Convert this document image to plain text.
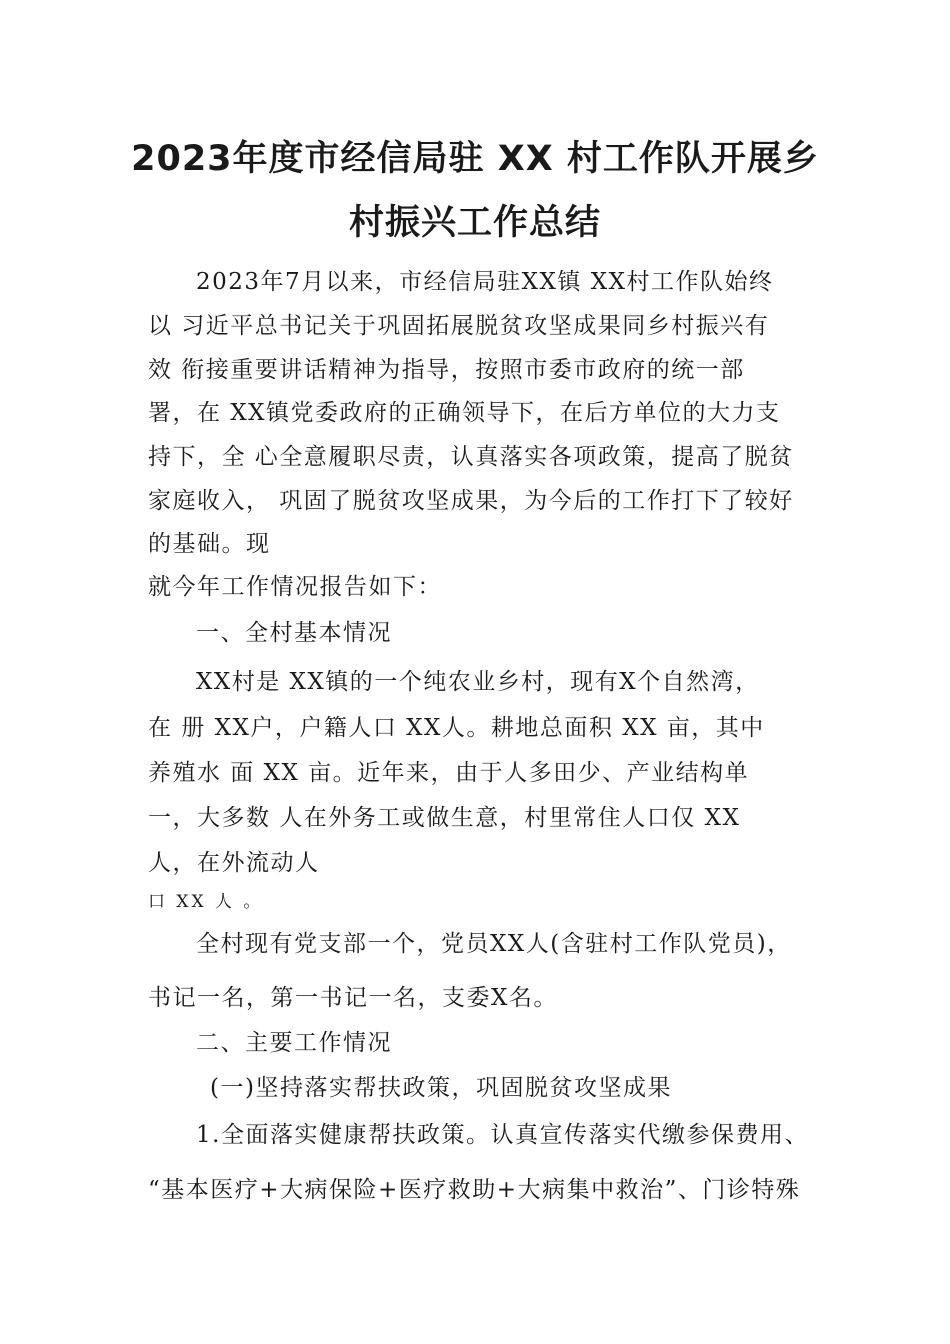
2023年度市经信局驻 XX 村工作队开展乡
村振兴工作总结
2023年7月以来，市经信局驻XX镇 XX村工作队始终
以 习近平总书记关于巩固拓展脱贫攻坚成果同乡村振兴有
效 衔接重要讲话精神为指导，按照市委市政府的统一部
署，在 XX镇党委政府的正确领导下，在后方单位的大力支
持下，全 心全意履职尽责，认真落实各项政策，提高了脱贫
家庭收入， 巩固了脱贫攻坚成果，为今后的工作打下了较好
的基础。现
就今年工作情况报告如下：
一、全村基本情况
XX村是 XX镇的一个纯农业乡村，现有X个自然湾，
在 册 XX户，户籍人口 XX人。耕地总面积 XX 亩，其中
养殖水 面 XX 亩。近年来，由于人多田少、产业结构单
一，大多数 人在外务工或做生意，村里常住人口仅 XX
人，在外流动人
口 XX 人 。
全村现有党支部一个，党员XX人(含驻村工作队党员)，
书记一名，第一书记一名，支委X名。
二、主要工作情况
(一)坚持落实帮扶政策，巩固脱贫攻坚成果
1.全面落实健康帮扶政策。认真宣传落实代缴参保费用、
“基本医疗+大病保险+医疗救助+大病集中救治”、门诊特殊
